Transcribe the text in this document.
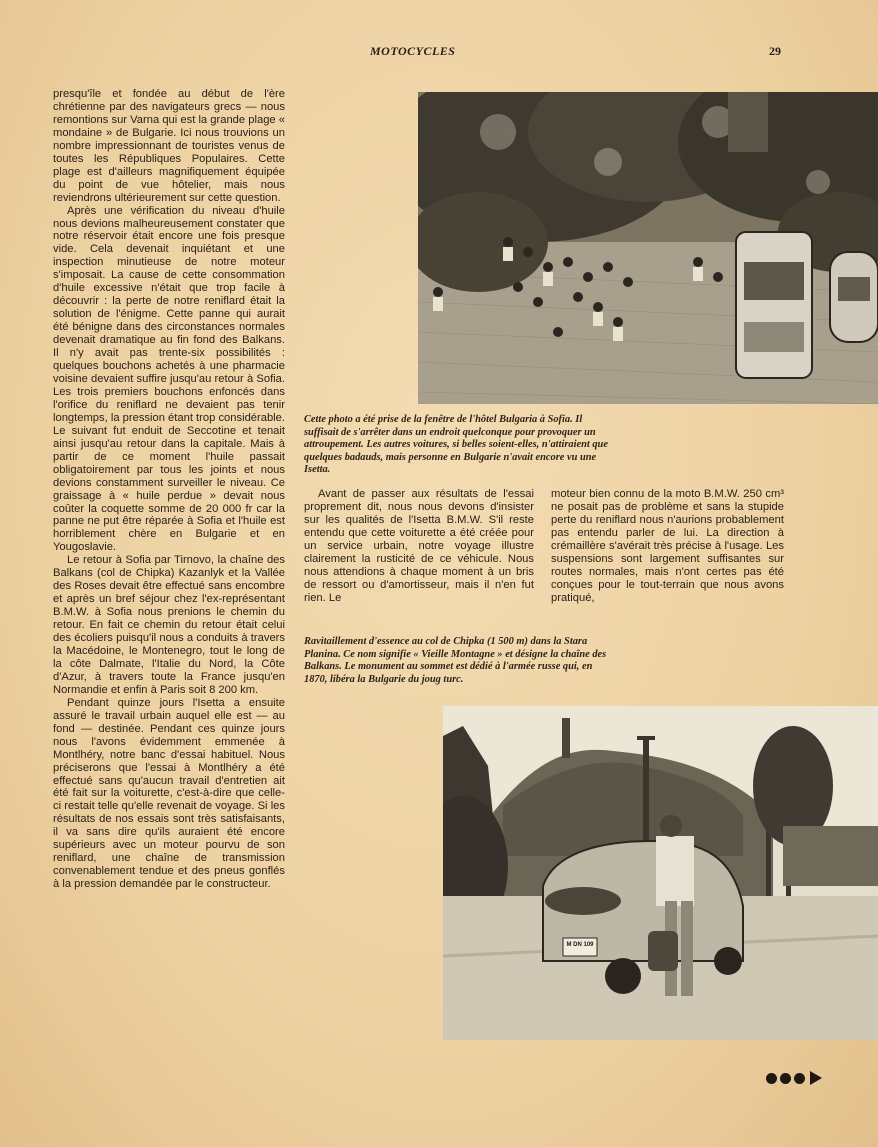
MOTOCYCLES	29

presqu'île et fondée au début de l'ère chrétienne par des navigateurs grecs — nous remontions sur Varna qui est la grande plage « mondaine » de Bulgarie. Ici nous trouvions un nombre impressionnant de touristes venus de toutes les Républiques Populaires. Cette plage est d'ailleurs magnifiquement équipée du point de vue hôtelier, mais nous reviendrons ultérieurement sur cette question.

Après une vérification du niveau d'huile nous devions malheureusement constater que notre réservoir était encore une fois presque vide. Cela devenait inquiétant et une inspection minutieuse de notre moteur s'imposait. La cause de cette consommation d'huile excessive n'était que trop facile à découvrir : la perte de notre reniflard était la solution de l'énigme. Cette panne qui aurait été bénigne dans des circonstances normales devenait dramatique au fin fond des Balkans. Il n'y avait pas trente-six possibilités : quelques bouchons achetés à une pharmacie voisine devaient suffire jusqu'au retour à Sofia. Les trois premiers bouchons enfoncés dans l'orifice du reniflard ne devaient pas tenir longtemps, la pression étant trop considérable. Le suivant fut enduit de Seccotine et tenait ainsi jusqu'au retour dans la capitale. Mais à partir de ce moment l'huile passait obligatoirement par tous les joints et nous devions constamment surveiller le niveau. Ce graissage à « huile perdue » devait nous coûter la coquette somme de 20 000 fr car la panne ne put être réparée à Sofia et l'huile est horriblement chère en Bulgarie et en Yougoslavie.

Le retour à Sofia par Tirnovo, la chaîne des Balkans (col de Chipka) Kazanlyk et la Vallée des Roses devait être effectué sans encombre et après un bref séjour chez l'ex-représentant B.M.W. à Sofia nous prenions le chemin du retour. En fait ce chemin du retour était celui des écoliers puisqu'il nous a conduits à travers la Macédoine, le Montenegro, tout le long de la côte Dalmate, l'Italie du Nord, la Côte d'Azur, à travers toute la France jusqu'en Normandie et enfin à Paris soit 8 200 km.

Pendant quinze jours l'Isetta a ensuite assuré le travail urbain auquel elle est — au fond — destinée. Pendant ces quinze jours nous l'avons évidemment emmenée à Montlhéry, notre banc d'essai habituel. Nous préciserons que l'essai à Montlhéry a été effectué sans qu'aucun travail d'entretien ait été fait sur la voiturette, c'est-à-dire que celle-ci restait telle qu'elle revenait de voyage. Si les résultats de nos essais sont très satisfaisants, il va sans dire qu'ils auraient été encore supérieurs avec un moteur pourvu de son reniflard, une chaîne de transmission convenablement tendue et des pneus gonflés à la pression demandée par le constructeur.

Cette photo a été prise de la fenêtre de l'hôtel Bulgaria à Sofia. Il suffisait de s'arrêter dans un endroit quelconque pour provoquer un attroupement. Les autres voitures, si belles soient-elles, n'attiraient que quelques badauds, mais personne en Bulgarie n'avait encore vu une Isetta.

Avant de passer aux résultats de l'essai proprement dit, nous nous devons d'insister sur les qualités de l'Isetta B.M.W. S'il reste entendu que cette voiturette a été créée pour un service urbain, notre voyage illustre clairement la rusticité de ce véhicule. Nous nous attendions à chaque moment à un bris de ressort ou d'amortisseur, mais il n'en fut rien. Le

moteur bien connu de la moto B.M.W. 250 cm³ ne posait pas de problème et sans la stupide perte du reniflard nous n'aurions probablement pas entendu parler de lui. La direction à crémaillère s'avérait très précise à l'usage. Les suspensions sont largement suffisantes sur routes normales, mais n'ont certes pas été conçues pour le tout-terrain que nous avons pratiqué,

Ravitaillement d'essence au col de Chipka (1 500 m) dans la Stara Planina. Ce nom signifie « Vieille Montagne » et désigne la chaîne des Balkans. Le monument au sommet est dédié à l'armée russe qui, en 1870, libéra la Bulgarie du joug turc.
M DN 109
